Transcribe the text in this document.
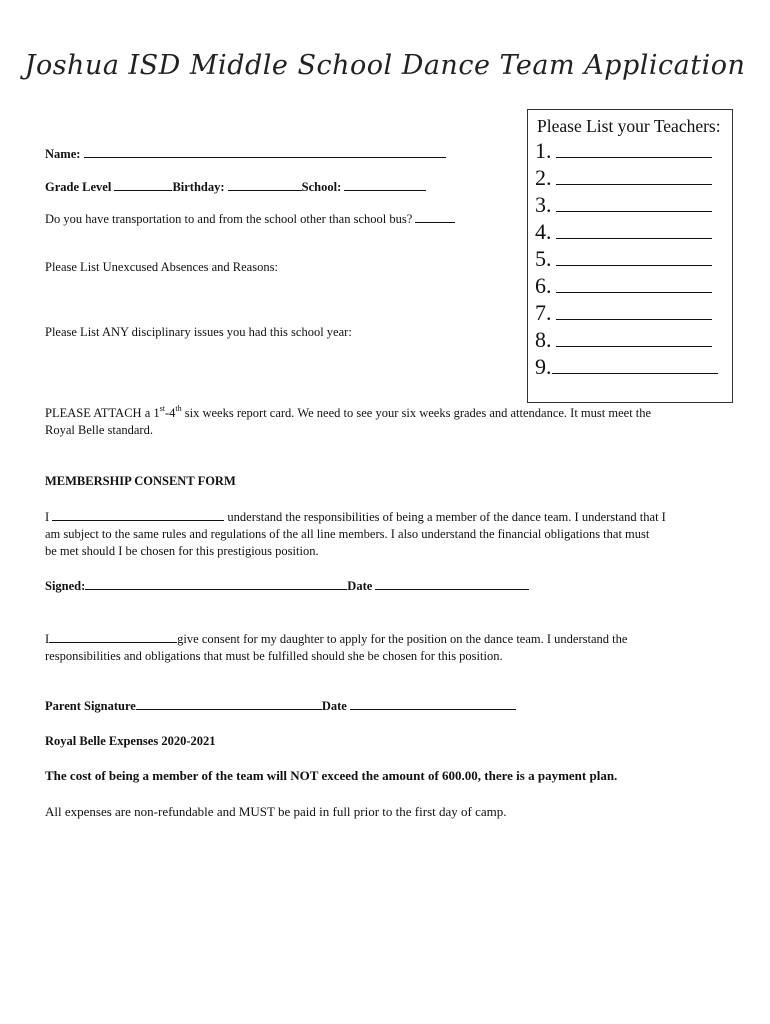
Joshua ISD Middle School Dance Team Application
Name:
Grade Level	Birthday:	School:
Do you have transportation to and from the school other than school bus?
Please List Unexcused Absences and Reasons:
Please List ANY disciplinary issues you had this school year:
Please List your Teachers:
1.
2.
3.
4.
5.
6.
7.
8.
9.
PLEASE ATTACH a 1st-4th six weeks report card. We need to see your six weeks grades and attendance. It must meet the
Royal Belle standard.
MEMBERSHIP CONSENT FORM
I	understand the responsibilities of being a member of the dance team. I understand that I
am subject to the same rules and regulations of the all line members. I also understand the financial obligations that must
be met should I be chosen for this prestigious position.
Signed:	Date
I	give consent for my daughter to apply for the position on the dance team. I understand the
responsibilities and obligations that must be fulfilled should she be chosen for this position.
Parent Signature	Date
Royal Belle Expenses 2020-2021
The cost of being a member of the team will NOT exceed the amount of 600.00, there is a payment plan.
All expenses are non-refundable and MUST be paid in full prior to the first day of camp.
